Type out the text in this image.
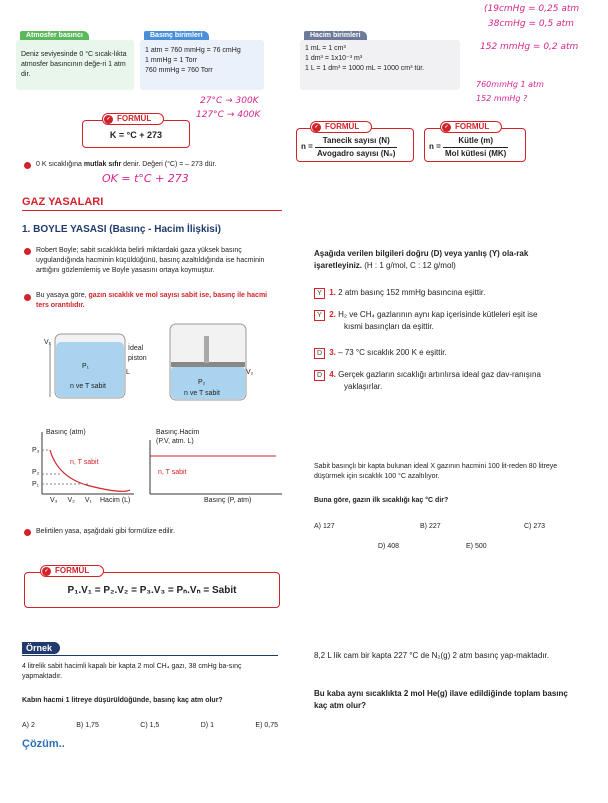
Atmosfer basıncı
Deniz seviyesinde 0 °C sıcak-lıkta atmosfer basıncının değe-ri 1 atm dir.
Basınç birimleri
1 atm = 760 mmHg = 76 cmHg
1 mmHg = 1 Torr
760 mmHg = 760 Torr
Hacim birimleri
1 mL = 1 cm³
1 dm³ = 1x10⁻³ m³
1 L = 1 dm³ = 1000 mL = 1000 cm³ tür.
K = °C + 273
✓ FORMÜL
$n = \frac{\text{Tanecik sayısı (N)}}{\text{Avogadro sayısı (N₀)}}$
✓ FORMÜL
$n = \frac{\text{Kütle (m)}}{\text{Mol kütlesi (MK)}}$
✓ FORMÜL
0 K sıcaklığına mutlak sıfır denir. Değeri (°C) = – 273 dür.
GAZ YASALARI
1. BOYLE YASASI (Basınç - Hacim İlişkisi)
Robert Boyle; sabit sıcaklıkta belirli miktardaki gaza yüksek basınç uygulandığında hacminin küçüldüğünü, basınç azaltıldığında ise hacminin arttığını gözlemlemiş ve Boyle yasasını ortaya koymuştur.
Bu yasaya göre, gazın sıcaklık ve mol sayısı sabit ise, basınç ile hacmi ters orantılıdır.
V₁
P₁
n ve T sabit
İdeal piston
L	V₂
P₂
n ve T sabit
Basınç (atm)
n, T sabit
P₃
P₂
P₁
V₃ V₂ V₁ Hacim (L)
Basınç.Hacim
(P.V, atm. L)
n, T sabit
Basınç (P, atm)
Belirtilen yasa, aşağıdaki gibi formülize edilir.
P₁.V₁ = P₂.V₂ = P₃.V₃ = Pₙ.Vₙ = Sabit
✓ FORMÜL
Örnek
4 litrelik sabit hacimli kapalı bir kapta 2 mol CH₄ gazı, 38 cmHg ba-sınç yapmaktadır.
Kabın hacmi 1 litreye düşürüldüğünde, basınç kaç atm olur?
A) 2	B) 1,75	C) 1,5	D) 1	E) 0,75
Çözüm..
Aşağıda verilen bilgileri doğru (D) veya yanlış (Y) ola-rak işaretleyiniz. (H : 1 g/mol, C : 12 g/mol)
Y 1. 2 atm basınç 152 mmHg basıncına eşittir.
Y 2. H₂ ve CH₄ gazlarının aynı kap içerisinde kütleleri eşit ise kısmi basınçları da eşittir.
D 3. – 73 °C sıcaklık 200 K e eşittir.
D 4. Gerçek gazların sıcaklığı artırılırsa ideal gaz dav-ranışına yaklaşırlar.
Sabit basınçlı bir kapta bulunan ideal X gazının hacmini 100 lit-reden 80 litreye düşürmek için sıcaklık 100 °C azaltılıyor.
Buna göre, gazın ilk sıcaklığı kaç °C dir?
A) 127	B) 227	C) 273
D) 408	E) 500
8,2 L lik cam bir kapta 227 °C de N₂(g) 2 atm basınç yap-maktadır.
Bu kaba aynı sıcaklıkta 2 mol He(g) ilave edildiğinde toplam basınç kaç atm olur?
(19cmHg = 0,25 atm
38cmHg = 0,5 atm
152 mmHg = 0,2 atm
760mmHg 1 atm
152 mmHg ?
27°C → 300K
127°C → 400K
OK = t°C + 273
